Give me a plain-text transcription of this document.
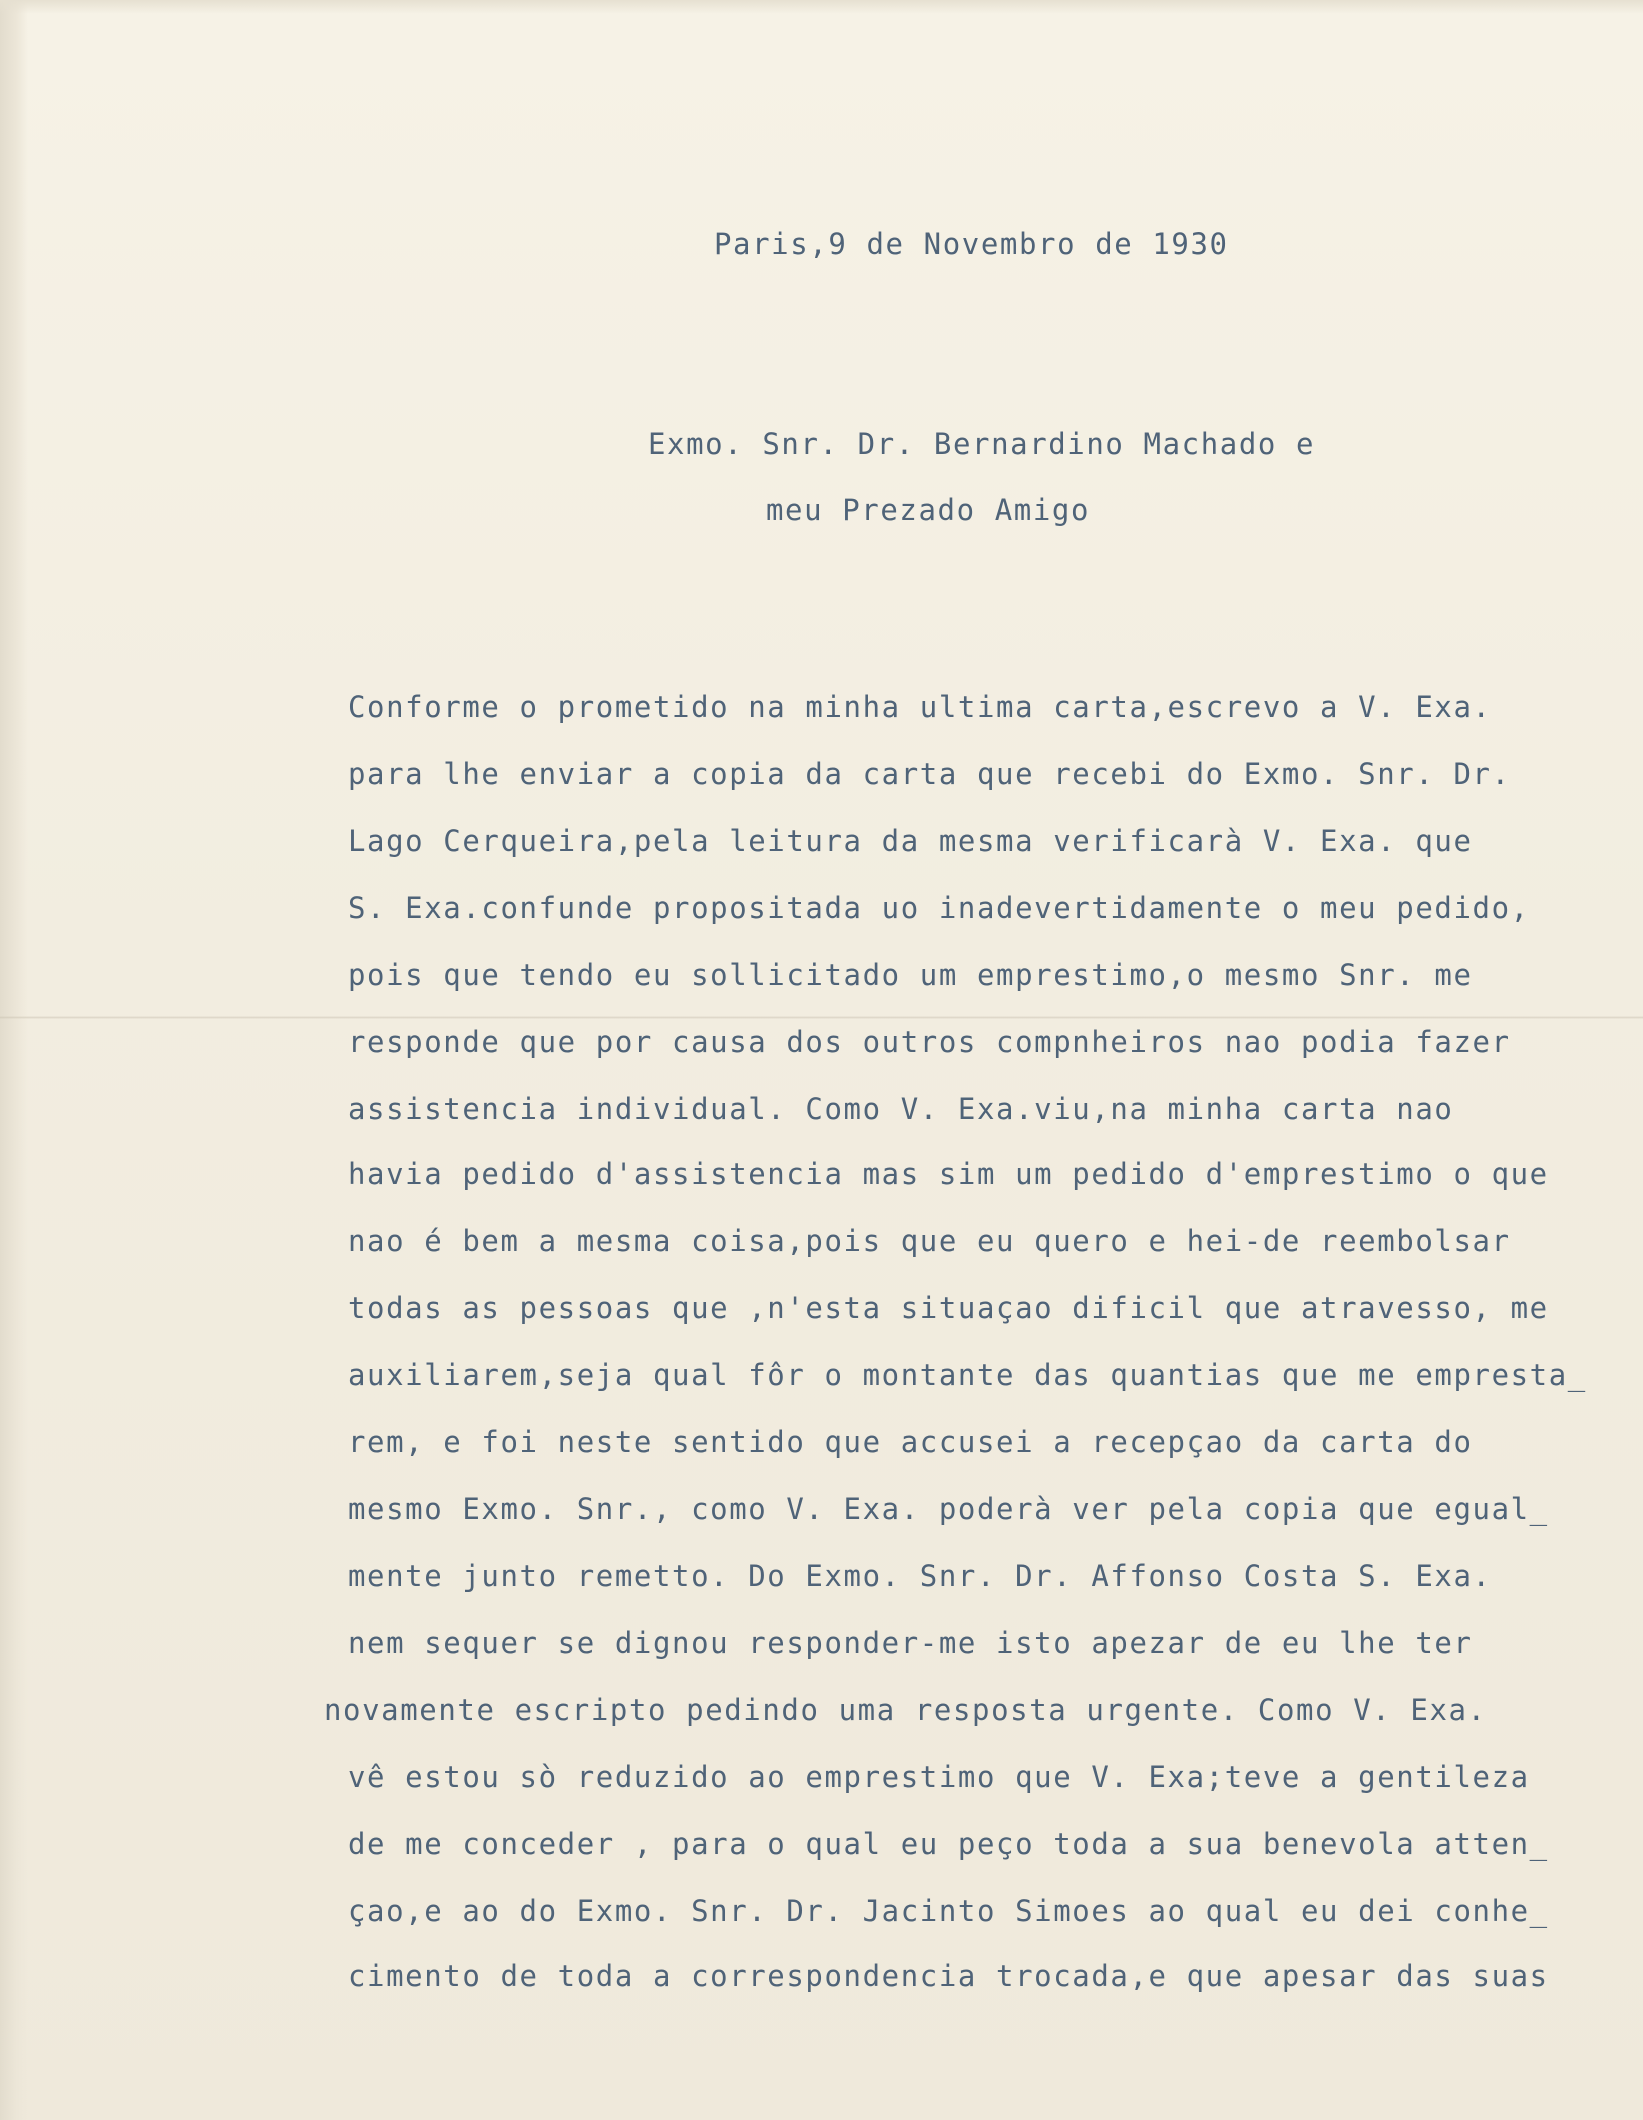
Paris,9 de Novembro de 1930

Exmo. Snr. Dr. Bernardino Machado e

meu Prezado Amigo

Conforme o prometido na minha ultima carta,escrevo a V. Exa.

para lhe enviar a copia da carta que recebi do Exmo. Snr. Dr.

Lago Cerqueira,pela leitura da mesma verificarà V. Exa. que

S. Exa.confunde propositada uo inadevertidamente o meu pedido,

pois que tendo eu sollicitado um emprestimo,o mesmo Snr. me

responde que por causa dos outros compnheiros nao podia fazer

assistencia individual. Como V. Exa.viu,na minha carta nao

havia pedido d'assistencia mas sim um pedido d'emprestimo o que

nao é bem a mesma coisa,pois que eu quero e hei-de reembolsar

todas as pessoas que ,n'esta situaçao dificil que atravesso, me

auxiliarem,seja qual fôr o montante das quantias que me empresta_

rem, e foi neste sentido que accusei a recepçao da carta do

mesmo Exmo. Snr., como V. Exa. poderà ver pela copia que egual_

mente junto remetto. Do Exmo. Snr. Dr. Affonso Costa S. Exa.

nem sequer se dignou responder-me isto apezar de eu lhe ter

novamente escripto pedindo uma resposta urgente. Como V. Exa.

vê estou sò reduzido ao emprestimo que V. Exa;teve a gentileza

de me conceder , para o qual eu peço toda a sua benevola atten_

çao,e ao do Exmo. Snr. Dr. Jacinto Simoes ao qual eu dei conhe_

cimento de toda a correspondencia trocada,e que apesar das suas
